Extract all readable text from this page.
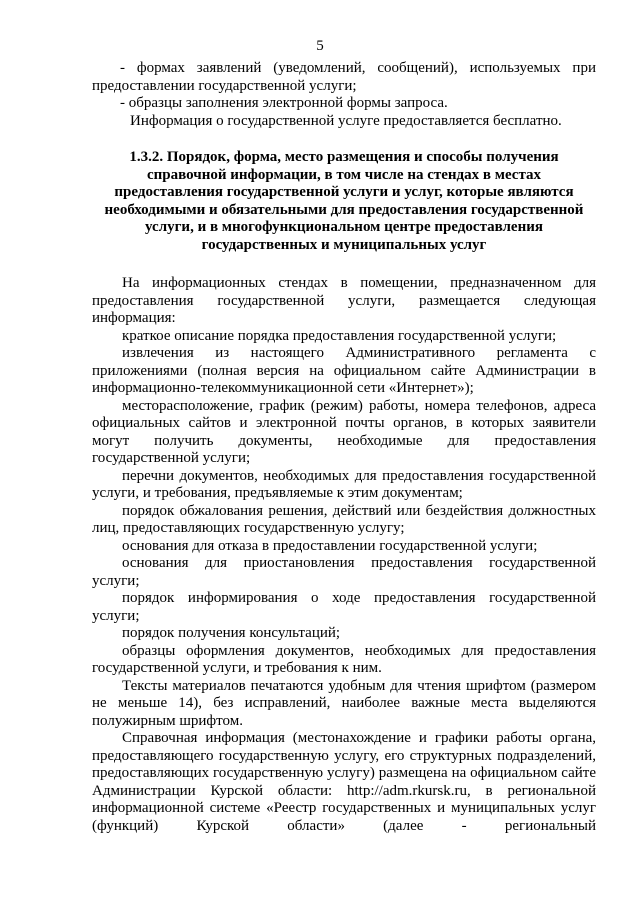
5

- формах заявлений (уведомлений, сообщений), используемых при предоставлении государственной услуги;

- образцы заполнения электронной формы запроса.

Информация о государственной услуге предоставляется бесплатно.

1.3.2. Порядок, форма, место размещения и способы получения справочной информации, в том числе на стендах в местах предоставления государственной услуги и услуг, которые являются необходимыми и обязательными для предоставления государственной услуги, и в многофункциональном центре предоставления государственных и муниципальных услуг

На информационных стендах в помещении, предназначенном для предоставления государственной услуги, размещается следующая информация:

краткое описание порядка предоставления государственной услуги;

извлечения из настоящего Административного регламента с приложениями (полная версия на официальном сайте Администрации в информационно-телекоммуникационной сети «Интернет»);

месторасположение, график (режим) работы, номера телефонов, адреса официальных сайтов и электронной почты органов, в которых заявители могут получить документы, необходимые для предоставления государственной услуги;

перечни документов, необходимых для предоставления государственной услуги, и требования, предъявляемые к этим документам;

порядок обжалования решения, действий или бездействия должностных лиц, предоставляющих государственную услугу;

основания для отказа в предоставлении государственной услуги;

основания для приостановления предоставления государственной услуги;

порядок информирования о ходе предоставления государственной услуги;

порядок получения консультаций;

образцы оформления документов, необходимых для предоставления государственной услуги, и требования к ним.

Тексты материалов печатаются удобным для чтения шрифтом (размером не меньше 14), без исправлений, наиболее важные места выделяются полужирным шрифтом.

Справочная информация (местонахождение и графики работы органа, предоставляющего государственную услугу, его структурных подразделений, предоставляющих государственную услугу) размещена на официальном сайте Администрации Курской области: http://adm.rkursk.ru, в региональной информационной системе «Реестр государственных и муниципальных услуг (функций) Курской области» (далее - региональный
